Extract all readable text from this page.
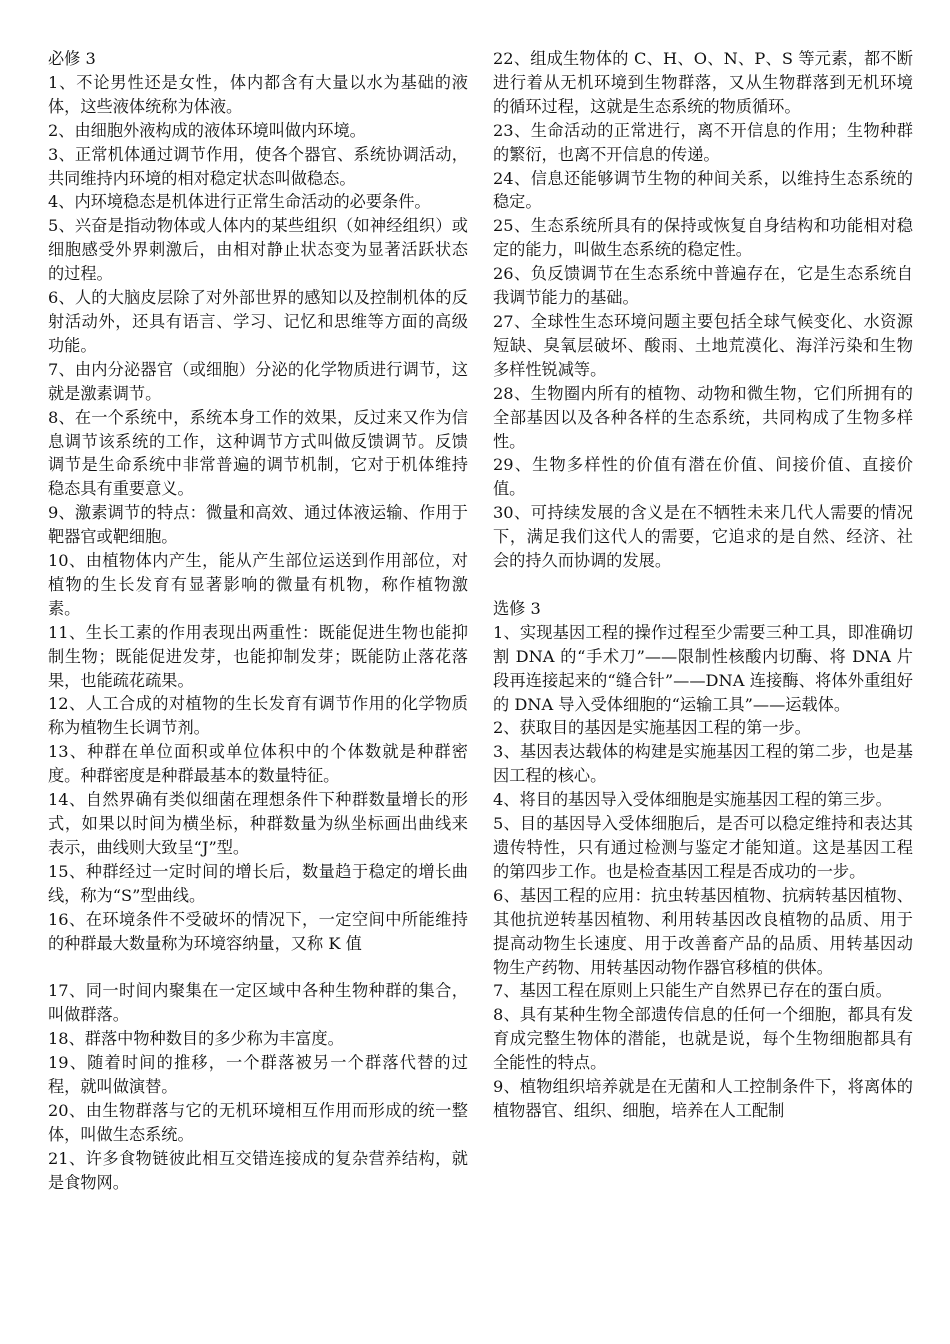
必修 3

1、不论男性还是女性，体内都含有大量以水为基础的液体，这些液体统称为体液。

2、由细胞外液构成的液体环境叫做内环境。

3、正常机体通过调节作用，使各个器官、系统协调活动，共同维持内环境的相对稳定状态叫做稳态。

4、内环境稳态是机体进行正常生命活动的必要条件。

5、兴奋是指动物体或人体内的某些组织（如神经组织）或细胞感受外界刺激后，由相对静止状态变为显著活跃状态的过程。

6、人的大脑皮层除了对外部世界的感知以及控制机体的反射活动外，还具有语言、学习、记忆和思维等方面的高级功能。

7、由内分泌器官（或细胞）分泌的化学物质进行调节，这就是激素调节。

8、在一个系统中，系统本身工作的效果，反过来又作为信息调节该系统的工作，这种调节方式叫做反馈调节。反馈调节是生命系统中非常普遍的调节机制，它对于机体维持稳态具有重要意义。

9、激素调节的特点：微量和高效、通过体液运输、作用于靶器官或靶细胞。

10、由植物体内产生，能从产生部位运送到作用部位，对植物的生长发育有显著影响的微量有机物，称作植物激素。

11、生长工素的作用表现出两重性：既能促进生物也能抑制生物；既能促进发芽，也能抑制发芽；既能防止落花落果，也能疏花疏果。

12、人工合成的对植物的生长发育有调节作用的化学物质称为植物生长调节剂。

13、种群在单位面积或单位体积中的个体数就是种群密度。种群密度是种群最基本的数量特征。

14、自然界确有类似细菌在理想条件下种群数量增长的形式，如果以时间为横坐标，种群数量为纵坐标画出曲线来表示，曲线则大致呈“J”型。

15、种群经过一定时间的增长后，数量趋于稳定的增长曲线，称为“S”型曲线。

16、在环境条件不受破坏的情况下，一定空间中所能维持的种群最大数量称为环境容纳量，又称 K 值

17、同一时间内聚集在一定区域中各种生物种群的集合，叫做群落。

18、群落中物种数目的多少称为丰富度。

19、随着时间的推移，一个群落被另一个群落代替的过程，就叫做演替。

20、由生物群落与它的无机环境相互作用而形成的统一整体，叫做生态系统。

21、许多食物链彼此相互交错连接成的复杂营养结构，就是食物网。

22、组成生物体的 C、H、O、N、P、S 等元素，都不断进行着从无机环境到生物群落，又从生物群落到无机环境的循环过程，这就是生态系统的物质循环。

23、生命活动的正常进行，离不开信息的作用；生物种群的繁衍，也离不开信息的传递。

24、信息还能够调节生物的种间关系，以维持生态系统的稳定。

25、生态系统所具有的保持或恢复自身结构和功能相对稳定的能力，叫做生态系统的稳定性。

26、负反馈调节在生态系统中普遍存在，它是生态系统自我调节能力的基础。

27、全球性生态环境问题主要包括全球气候变化、水资源短缺、臭氧层破坏、酸雨、土地荒漠化、海洋污染和生物多样性锐减等。

28、生物圈内所有的植物、动物和微生物，它们所拥有的全部基因以及各种各样的生态系统，共同构成了生物多样性。

29、生物多样性的价值有潜在价值、间接价值、直接价值。

30、可持续发展的含义是在不牺牲未来几代人需要的情况下，满足我们这代人的需要，它追求的是自然、经济、社会的持久而协调的发展。

选修 3

1、实现基因工程的操作过程至少需要三种工具，即准确切割 DNA 的“手术刀”——限制性核酸内切酶、将 DNA 片段再连接起来的“缝合针”——DNA 连接酶、将体外重组好的 DNA 导入受体细胞的“运输工具”——运载体。

2、获取目的基因是实施基因工程的第一步。

3、基因表达载体的构建是实施基因工程的第二步，也是基因工程的核心。

4、将目的基因导入受体细胞是实施基因工程的第三步。

5、目的基因导入受体细胞后，是否可以稳定维持和表达其遗传特性，只有通过检测与鉴定才能知道。这是基因工程的第四步工作。也是检查基因工程是否成功的一步。

6、基因工程的应用：抗虫转基因植物、抗病转基因植物、其他抗逆转基因植物、利用转基因改良植物的品质、用于提高动物生长速度、用于改善畜产品的品质、用转基因动物生产药物、用转基因动物作器官移植的供体。

7、基因工程在原则上只能生产自然界已存在的蛋白质。

8、具有某种生物全部遗传信息的任何一个细胞，都具有发育成完整生物体的潜能，也就是说，每个生物细胞都具有全能性的特点。

9、植物组织培养就是在无菌和人工控制条件下，将离体的植物器官、组织、细胞，培养在人工配制
